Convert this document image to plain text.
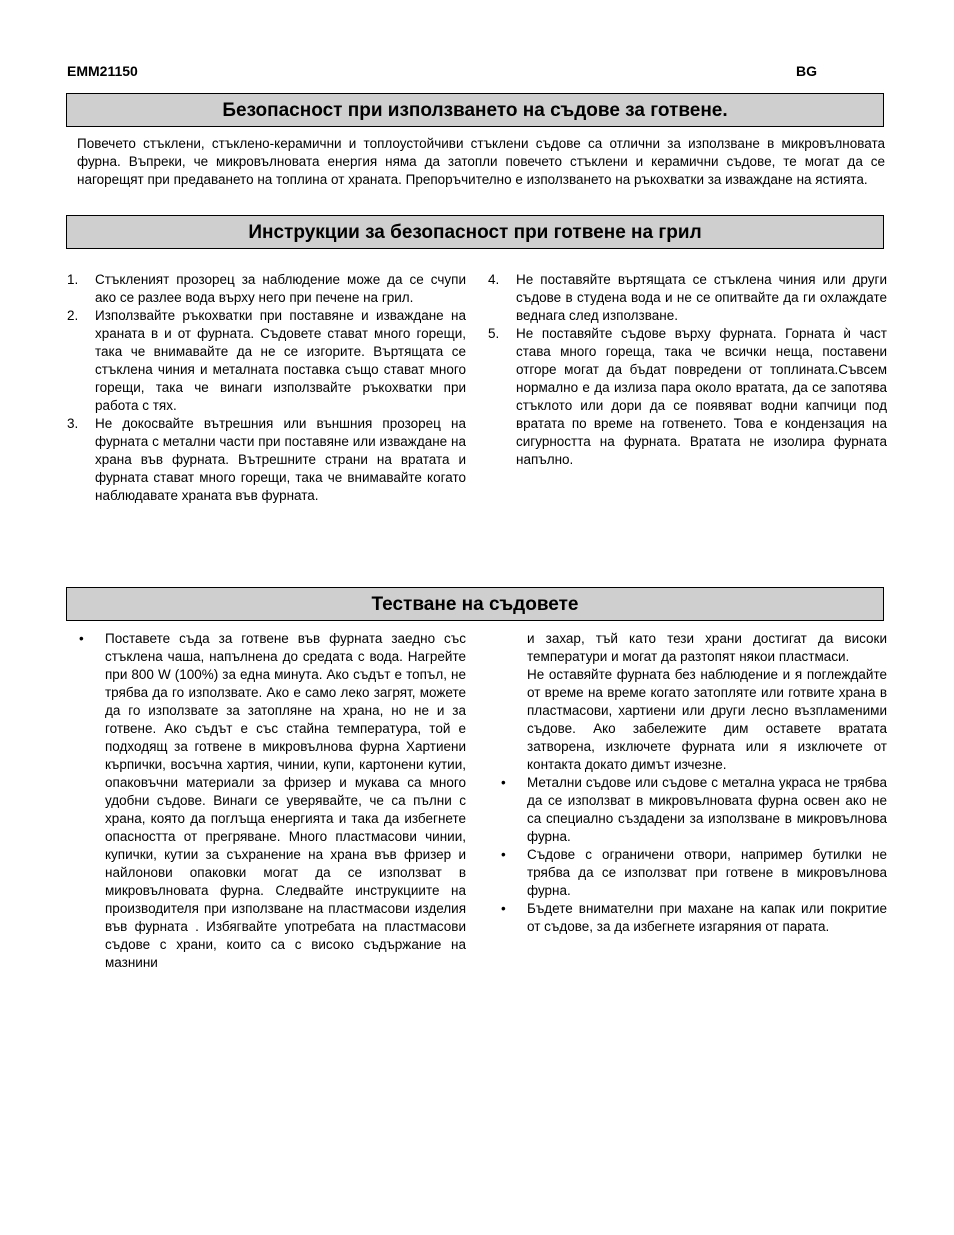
EMM21150	BG
Безопасност при използването на съдове за готвене.
Повечето стъклени, стъклено-керамични и топлоустойчиви стъклени съдове са отлични за използване в микровълновата фурна. Въпреки, че микровълновата енергия няма да затопли повечето стъклени и керамични съдове, те могат да се нагорещят при предаването на топлина от храната. Препоръчително е използването на ръкохватки за изваждане на ястията.
Инструкции за безопасност при готвене на грил
1. Стъкленият прозорец за наблюдение може да се счупи ако се разлее вода върху него при печене на грил.
2. Използвайте ръкохватки при поставяне и изваждане на храната в и от фурната. Съдовете стават много горещи, така че внимавайте да не се изгорите. Въртящата се стъклена чиния и металната поставка също стават много горещи, така че винаги използвайте ръкохватки при работа с тях.
3. Не докосвайте вътрешния или външния прозорец на фурната с метални части при поставяне или изваждане на храна във фурната. Вътрешните страни на вратата и фурната стават много горещи, така че внимавайте когато наблюдавате храната във фурната.
4. Не поставяйте въртящата се стъклена чиния или други съдове в студена вода и не се опитвайте да ги охлаждате веднага след използване.
5. Не поставяйте съдове върху фурната. Горната ѝ част става много гореща, така че всички неща, поставени отгоре могат да бъдат повредени от топлината.Съвсем нормално е да излиза пара около вратата, да се запотява стъклото или дори да се появяват водни капчици под вратата по време на готвенето. Това е кондензация на сигурността на фурната. Вратата не изолира фурната напълно.
Тестване на съдовете
• Поставете съда за готвене във фурната заедно със стъклена чаша, напълнена до средата с вода. Нагрейте при 800 W (100%) за една минута. Ако съдът е топъл, не трябва да го използвате. Ако е само леко загрят, можете да го използвате за затопляне на храна, но не и за готвене. Ако съдът е със стайна температура, той е подходящ за готвене в микровълнова фурна Хартиени кърпички, восъчна хартия, чинии, купи, картонени кутии, опаковъчни материали за фризер и мукава са много удобни съдове. Винаги се уверявайте, че са пълни с храна, която да поглъща енергията и така да избегнете опасността от прегряване. Много пластмасови чинии, купички, кутии за съхранение на храна във фризер и найлонови опаковки могат да се използват в микровълновата фурна. Следвайте инструкциите на производителя при използване на пластмасови изделия във фурната . Избягвайте употребата на пластмасови съдове с храни, които са с високо съдържание на мазнини
и захар, тъй като тези храни достигат да високи температури и могат да разтопят някои пластмаси.
Не оставяйте фурната без наблюдение и я поглеждайте от време на време когато затопляте или готвите храна в пластмасови, хартиени или други лесно възпламеними съдове. Ако забележите дим оставете вратата затворена, изключете фурната или я изключете от контакта докато димът изчезне.
• Метални съдове или съдове с метална украса не трябва да се използват в микровълновата фурна освен ако не са специално създадени за използване в микровълнова фурна.
• Съдове с ограничени отвори, например бутилки не трябва да се използват при готвене в микровълнова фурна.
• Бъдете внимателни при махане на капак или покритие от съдове, за да избегнете изгаряния от парата.
